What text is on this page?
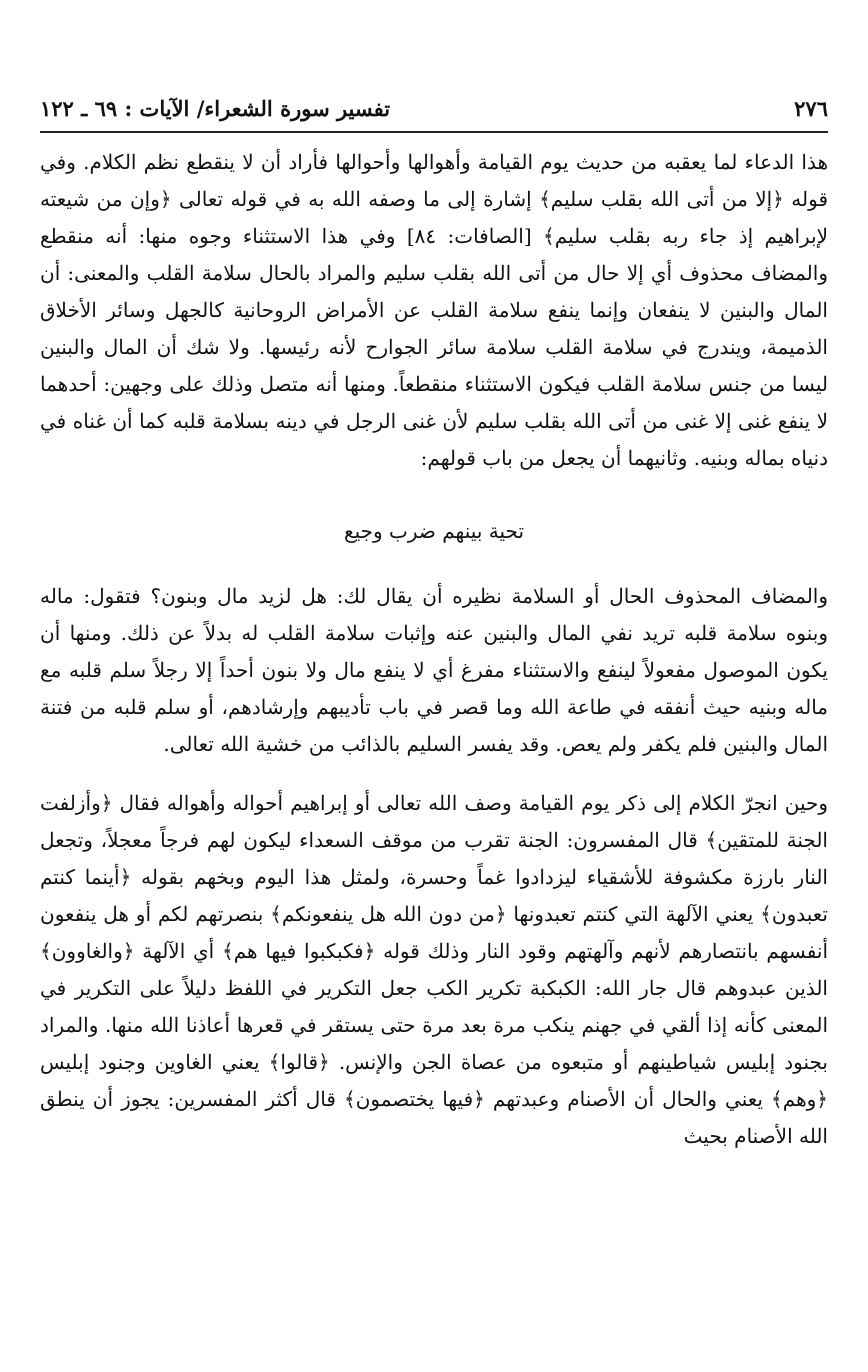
٢٧٦
تفسير سورة الشعراء/ الآيات : ٦٩ ـ ١٢٢

هذا الدعاء لما يعقبه من حديث يوم القيامة وأهوالها وأحوالها فأراد أن لا ينقطع نظم الكلام. وفي قوله ﴿إلا من أتى الله بقلب سليم﴾ إشارة إلى ما وصفه الله به في قوله تعالى ﴿وإن من شيعته لإبراهيم إذ جاء ربه بقلب سليم﴾ [الصافات: ٨٤] وفي هذا الاستثناء وجوه منها: أنه منقطع والمضاف محذوف أي إلا حال من أتى الله بقلب سليم والمراد بالحال سلامة القلب والمعنى: أن المال والبنين لا ينفعان وإنما ينفع سلامة القلب عن الأمراض الروحانية كالجهل وسائر الأخلاق الذميمة، ويندرج في سلامة القلب سلامة سائر الجوارح لأنه رئيسها. ولا شك أن المال والبنين ليسا من جنس سلامة القلب فيكون الاستثناء منقطعاً. ومنها أنه متصل وذلك على وجهين: أحدهما لا ينفع غنى إلا غنى من أتى الله بقلب سليم لأن غنى الرجل في دينه بسلامة قلبه كما أن غناه في دنياه بماله وبنيه. وثانيهما أن يجعل من باب قولهم:

تحية بينهم ضرب وجيع

والمضاف المحذوف الحال أو السلامة نظيره أن يقال لك: هل لزيد مال وبنون؟ فتقول: ماله وبنوه سلامة قلبه تريد نفي المال والبنين عنه وإثبات سلامة القلب له بدلاً عن ذلك. ومنها أن يكون الموصول مفعولاً لينفع والاستثناء مفرغ أي لا ينفع مال ولا بنون أحداً إلا رجلاً سلم قلبه مع ماله وبنيه حيث أنفقه في طاعة الله وما قصر في باب تأديبهم وإرشادهم، أو سلم قلبه من فتنة المال والبنين فلم يكفر ولم يعص. وقد يفسر السليم بالذائب من خشية الله تعالى.

وحين انجرّ الكلام إلى ذكر يوم القيامة وصف الله تعالى أو إبراهيم أحواله وأهواله فقال ﴿وأزلفت الجنة للمتقين﴾ قال المفسرون: الجنة تقرب من موقف السعداء ليكون لهم فرجاً معجلاً، وتجعل النار بارزة مكشوفة للأشقياء ليزدادوا غماً وحسرة، ولمثل هذا اليوم وبخهم بقوله ﴿أينما كنتم تعبدون﴾ يعني الآلهة التي كنتم تعبدونها ﴿من دون الله هل ينفعونكم﴾ بنصرتهم لكم أو هل ينفعون أنفسهم بانتصارهم لأنهم وآلهتهم وقود النار وذلك قوله ﴿فكبكبوا فيها هم﴾ أي الآلهة ﴿والغاوون﴾ الذين عبدوهم قال جار الله: الكبكبة تكرير الكب جعل التكرير في اللفظ دليلاً على التكرير في المعنى كأنه إذا ألقي في جهنم ينكب مرة بعد مرة حتى يستقر في قعرها أعاذنا الله منها. والمراد بجنود إبليس شياطينهم أو متبعوه من عصاة الجن والإنس. ﴿قالوا﴾ يعني الغاوين وجنود إبليس ﴿وهم﴾ يعني والحال أن الأصنام وعبدتهم ﴿فيها يختصمون﴾ قال أكثر المفسرين: يجوز أن ينطق الله الأصنام بحيث
